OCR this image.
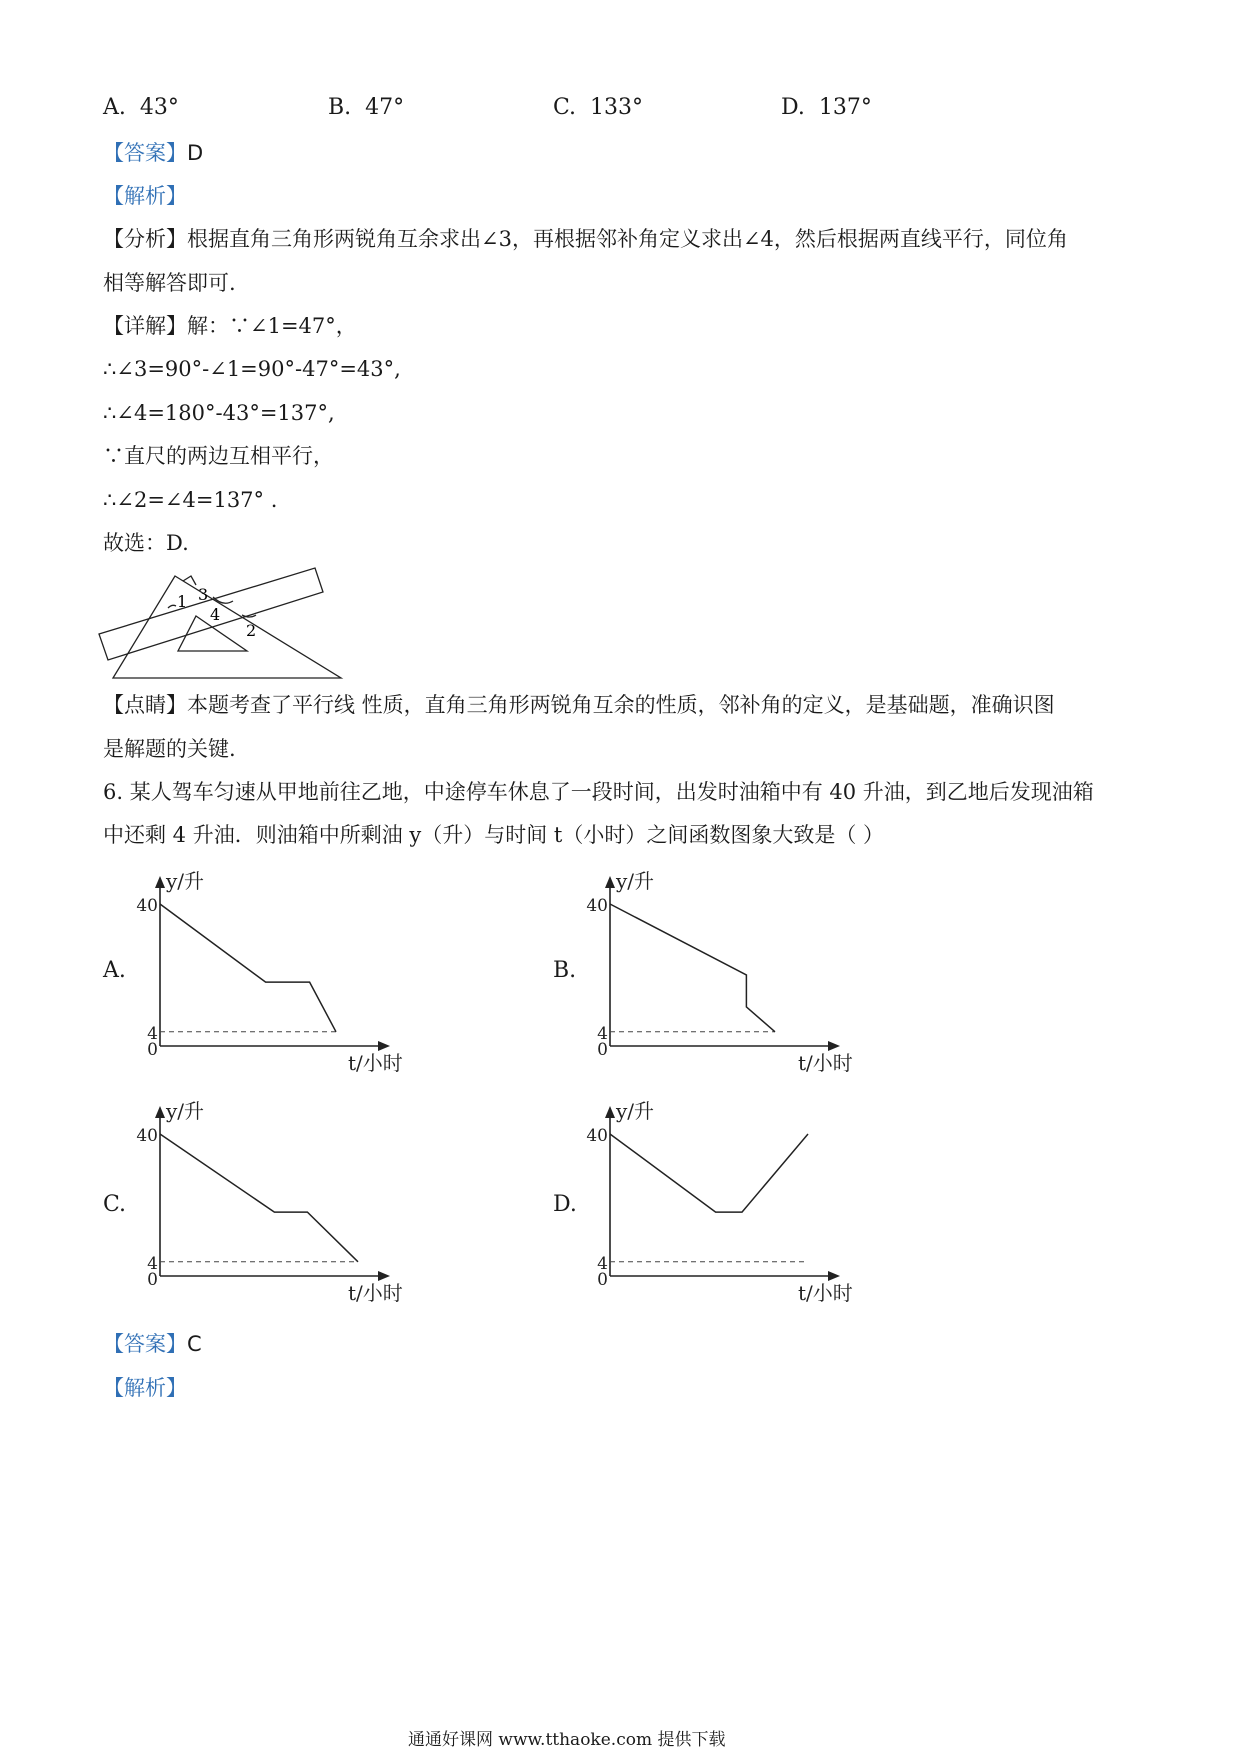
A. 43°	B. 47°	C. 133°	D. 137°
【答案】D
【解析】
【分析】根据直角三角形两锐角互余求出∠3，再根据邻补角定义求出∠4，然后根据两直线平行，同位角
相等解答即可.
【详解】解：∵∠1=47°，
∴∠3=90°-∠1=90°-47°=43°,
∴∠4=180°-43°=137°,
∵直尺的两边互相平行，
∴∠2=∠4=137° .
故选：D.
1 3
4
2
【点睛】本题考查了平行线 性质，直角三角形两锐角互余的性质，邻补角的定义，是基础题，准确识图
是解题的关键.
6. 某人驾车匀速从甲地前往乙地，中途停车休息了一段时间，出发时油箱中有 40 升油，到乙地后发现油箱
中还剩 4 升油．则油箱中所剩油 y（升）与时间 t（小时）之间函数图象大致是（ ）
A.	B.
C.	D.
y/升
t/小时
40
4
0
y/升
t/小时
40
4
0
y/升
t/小时
40
4
0
y/升
t/小时
40
4
0
【答案】C
【解析】
通通好课网 www.tthaoke.com 提供下载
